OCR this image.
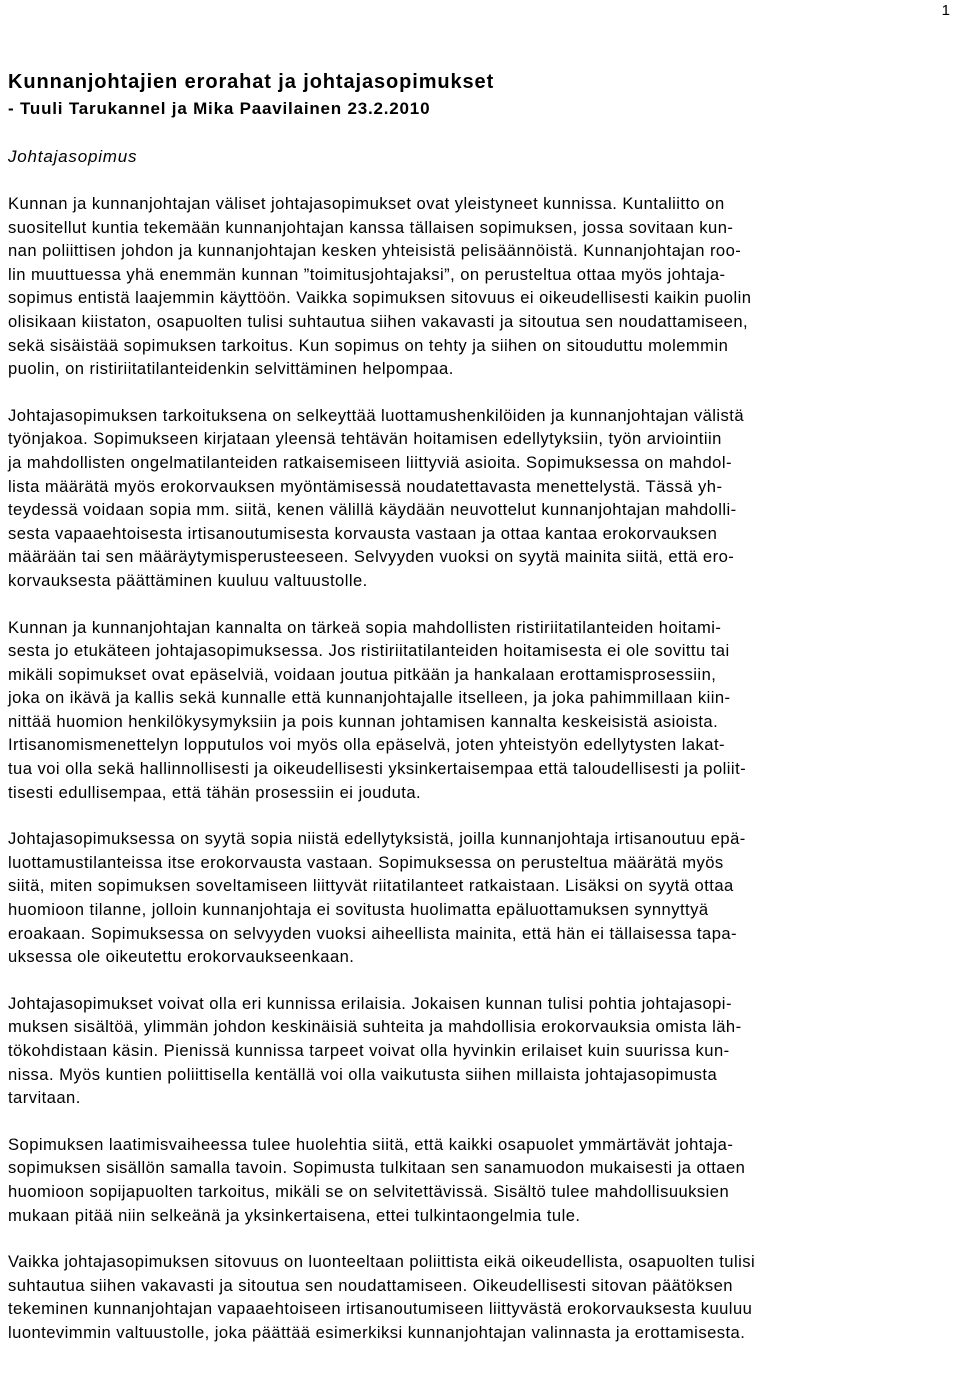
1
Kunnanjohtajien erorahat ja johtajasopimukset
- Tuuli Tarukannel ja Mika Paavilainen 23.2.2010
Johtajasopimus

Kunnan ja kunnanjohtajan väliset johtajasopimukset ovat yleistyneet kunnissa. Kuntaliitto on
suositellut kuntia tekemään kunnanjohtajan kanssa tällaisen sopimuksen, jossa sovitaan kun-
nan poliittisen johdon ja kunnanjohtajan kesken yhteisistä pelisäännöistä. Kunnanjohtajan roo-
lin muuttuessa yhä enemmän kunnan ”toimitusjohtajaksi”, on perusteltua ottaa myös johtaja-
sopimus entistä laajemmin käyttöön. Vaikka sopimuksen sitovuus ei oikeudellisesti kaikin puolin
olisikaan kiistaton, osapuolten tulisi suhtautua siihen vakavasti ja sitoutua sen noudattamiseen,
sekä sisäistää sopimuksen tarkoitus. Kun sopimus on tehty ja siihen on sitouduttu molemmin
puolin, on ristiriitatilanteidenkin selvittäminen helpompaa.

Johtajasopimuksen tarkoituksena on selkeyttää luottamushenkilöiden ja kunnanjohtajan välistä
työnjakoa. Sopimukseen kirjataan yleensä tehtävän hoitamisen edellytyksiin, työn arviointiin
ja mahdollisten ongelmatilanteiden ratkaisemiseen liittyviä asioita. Sopimuksessa on mahdol-
lista määrätä myös erokorvauksen myöntämisessä noudatettavasta menettelystä. Tässä yh-
teydessä voidaan sopia mm. siitä, kenen välillä käydään neuvottelut kunnanjohtajan mahdolli-
sesta vapaaehtoisesta irtisanoutumisesta korvausta vastaan ja ottaa kantaa erokorvauksen
määrään tai sen määräytymisperusteeseen. Selvyyden vuoksi on syytä mainita siitä, että ero-
korvauksesta päättäminen kuuluu valtuustolle.

Kunnan ja kunnanjohtajan kannalta on tärkeä sopia mahdollisten ristiriitatilanteiden hoitami-
sesta jo etukäteen johtajasopimuksessa. Jos ristiriitatilanteiden hoitamisesta ei ole sovittu tai
mikäli sopimukset ovat epäselviä, voidaan joutua pitkään ja hankalaan erottamisprosessiin,
joka on ikävä ja kallis sekä kunnalle että kunnanjohtajalle itselleen, ja joka pahimmillaan kiin-
nittää huomion henkilökysymyksiin ja pois kunnan johtamisen kannalta keskeisistä asioista.
Irtisanomismenettelyn lopputulos voi myös olla epäselvä, joten yhteistyön edellytysten lakat-
tua voi olla sekä hallinnollisesti ja oikeudellisesti yksinkertaisempaa että taloudellisesti ja poliit-
tisesti edullisempaa, että tähän prosessiin ei jouduta.

Johtajasopimuksessa on syytä sopia niistä edellytyksistä, joilla kunnanjohtaja irtisanoutuu epä-
luottamustilanteissa itse erokorvausta vastaan. Sopimuksessa on perusteltua määrätä myös
siitä, miten sopimuksen soveltamiseen liittyvät riitatilanteet ratkaistaan. Lisäksi on syytä ottaa
huomioon tilanne, jolloin kunnanjohtaja ei sovitusta huolimatta epäluottamuksen synnyttyä
eroakaan. Sopimuksessa on selvyyden vuoksi aiheellista mainita, että hän ei tällaisessa tapa-
uksessa ole oikeutettu erokorvaukseenkaan.

Johtajasopimukset voivat olla eri kunnissa erilaisia. Jokaisen kunnan tulisi pohtia johtajasopi-
muksen sisältöä, ylimmän johdon keskinäisiä suhteita ja mahdollisia erokorvauksia omista läh-
tökohdistaan käsin. Pienissä kunnissa tarpeet voivat olla hyvinkin erilaiset kuin suurissa kun-
nissa. Myös kuntien poliittisella kentällä voi olla vaikutusta siihen millaista johtajasopimusta
tarvitaan.

Sopimuksen laatimisvaiheessa tulee huolehtia siitä, että kaikki osapuolet ymmärtävät johtaja-
sopimuksen sisällön samalla tavoin. Sopimusta tulkitaan sen sanamuodon mukaisesti ja ottaen
huomioon sopijapuolten tarkoitus, mikäli se on selvitettävissä. Sisältö tulee mahdollisuuksien
mukaan pitää niin selkeänä ja yksinkertaisena, ettei tulkintaongelmia tule.

Vaikka johtajasopimuksen sitovuus on luonteeltaan poliittista eikä oikeudellista, osapuolten tulisi
suhtautua siihen vakavasti ja sitoutua sen noudattamiseen. Oikeudellisesti sitovan päätöksen
tekeminen kunnanjohtajan vapaaehtoiseen irtisanoutumiseen liittyvästä erokorvauksesta kuuluu
luontevimmin valtuustolle, joka päättää esimerkiksi kunnanjohtajan valinnasta ja erottamisesta.
